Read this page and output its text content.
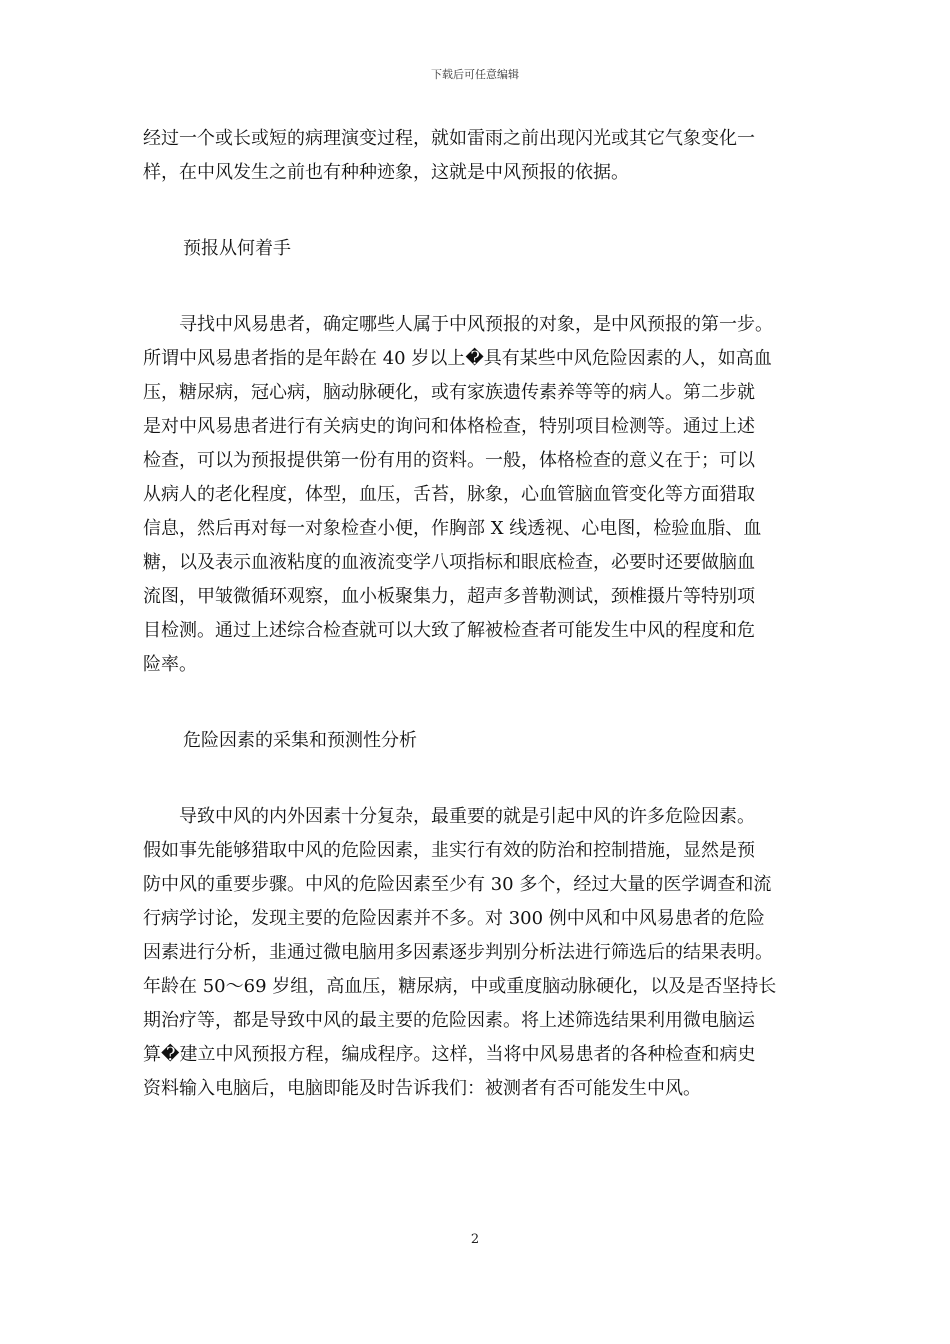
下载后可任意编辑
经过一个或长或短的病理演变过程，就如雷雨之前出现闪光或其它气象变化一
样，在中风发生之前也有种种迹象，这就是中风预报的依据。
预报从何着手
　　寻找中风易患者，确定哪些人属于中风预报的对象，是中风预报的第一步。
所谓中风易患者指的是年龄在 40 岁以上�具有某些中风危险因素的人，如高血
压，糖尿病，冠心病，脑动脉硬化，或有家族遗传素养等等的病人。第二步就
是对中风易患者进行有关病史的询问和体格检查，特别项目检测等。通过上述
检查，可以为预报提供第一份有用的资料。一般，体格检查的意义在于；可以
从病人的老化程度，体型，血压，舌苔，脉象，心血管脑血管变化等方面猎取
信息，然后再对每一对象检查小便，作胸部 X 线透视、心电图，检验血脂、血
糖，以及表示血液粘度的血液流变学八项指标和眼底检查，必要时还要做脑血
流图，甲皱微循环观察，血小板聚集力，超声多普勒测试，颈椎摄片等特别项
目检测。通过上述综合检查就可以大致了解被检查者可能发生中风的程度和危
险率。
危险因素的采集和预测性分析
　　导致中风的内外因素十分复杂，最重要的就是引起中风的许多危险因素。
假如事先能够猎取中风的危险因素，韭实行有效的防治和控制措施，显然是预
防中风的重要步骤。中风的危险因素至少有 30 多个，经过大量的医学调查和流
行病学讨论，发现主要的危险因素并不多。对 300 例中风和中风易患者的危险
因素进行分析，韭通过微电脑用多因素逐步判别分析法进行筛选后的结果表明。
年龄在 50～69 岁组，高血压，糖尿病，中或重度脑动脉硬化，以及是否坚持长
期治疗等，都是导致中风的最主要的危险因素。将上述筛选结果利用微电脑运
算�建立中风预报方程，编成程序。这样，当将中风易患者的各种检查和病史
资料输入电脑后，电脑即能及时告诉我们：被测者有否可能发生中风。
2
